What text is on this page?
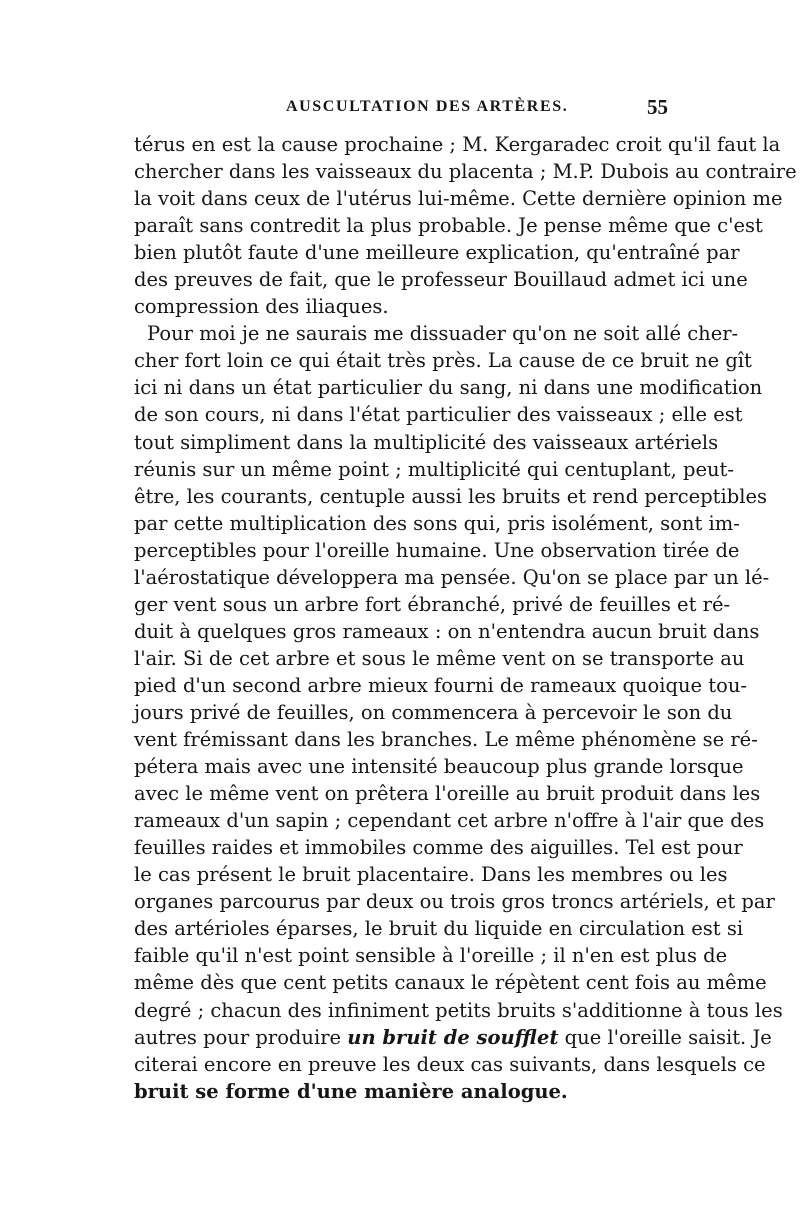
AUSCULTATION DES ARTÈRES.	55
térus en est la cause prochaine ; M. Kergaradec croit qu'il faut la
chercher dans les vaisseaux du placenta ; M.P. Dubois au contraire
la voit dans ceux de l'utérus lui-même. Cette dernière opinion me
paraît sans contredit la plus probable. Je pense même que c'est
bien plutôt faute d'une meilleure explication, qu'entraîné par
des preuves de fait, que le professeur Bouillaud admet ici une
compression des iliaques.
Pour moi je ne saurais me dissuader qu'on ne soit allé cher-
cher fort loin ce qui était très près. La cause de ce bruit ne gît
ici ni dans un état particulier du sang, ni dans une modification
de son cours, ni dans l'état particulier des vaisseaux ; elle est
tout simpliment dans la multiplicité des vaisseaux artériels
réunis sur un même point ; multiplicité qui centuplant, peut-
être, les courants, centuple aussi les bruits et rend perceptibles
par cette multiplication des sons qui, pris isolément, sont im-
perceptibles pour l'oreille humaine. Une observation tirée de
l'aérostatique développera ma pensée. Qu'on se place par un lé-
ger vent sous un arbre fort ébranché, privé de feuilles et ré-
duit à quelques gros rameaux : on n'entendra aucun bruit dans
l'air. Si de cet arbre et sous le même vent on se transporte au
pied d'un second arbre mieux fourni de rameaux quoique tou-
jours privé de feuilles, on commencera à percevoir le son du
vent frémissant dans les branches. Le même phénomène se ré-
pétera mais avec une intensité beaucoup plus grande lorsque
avec le même vent on prêtera l'oreille au bruit produit dans les
rameaux d'un sapin ; cependant cet arbre n'offre à l'air que des
feuilles raides et immobiles comme des aiguilles. Tel est pour
le cas présent le bruit placentaire. Dans les membres ou les
organes parcourus par deux ou trois gros troncs artériels, et par
des artérioles éparses, le bruit du liquide en circulation est si
faible qu'il n'est point sensible à l'oreille ; il n'en est plus de
même dès que cent petits canaux le répètent cent fois au même
degré ; chacun des infiniment petits bruits s'additionne à tous les
autres pour produire un bruit de soufflet que l'oreille saisit. Je
citerai encore en preuve les deux cas suivants, dans lesquels ce
bruit se forme d'une manière analogue.
